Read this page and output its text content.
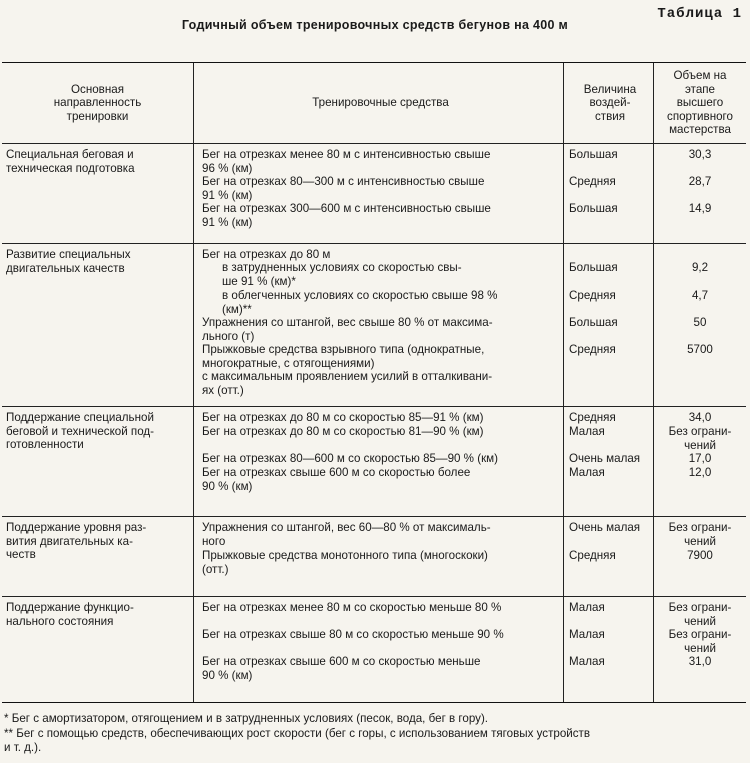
Таблица 1
Годичный объем тренировочных средств бегунов на 400 м
Основная
направленность
тренировки
Тренировочные средства
Величина
воздей-
ствия
Объем на
этапе
высшего
спортивного
мастерства
Специальная беговая и
техническая подготовка
Бег на отрезках менее 80 м с интенсивностью свыше
96 % (км)
Бег на отрезках 80—300 м с интенсивностью свыше
91 % (км)
Бег на отрезках 300—600 м с интенсивностью свыше
91 % (км)
Большая
Средняя
Большая
30,3
28,7
14,9
Развитие специальных
двигательных качеств
Бег на отрезках до 80 м
в затрудненных условиях со скоростью свы-
ше 91 % (км)*
в облегченных условиях со скоростью свыше 98 %
(км)**
Упражнения со штангой, вес свыше 80 % от максима-
льного (т)
Прыжковые средства взрывного типа (однократные,
многократные, с отягощениями)
с максимальным проявлением усилий в отталкивани-
ях (отт.)
Большая
Средняя
Большая
Средняя
9,2
4,7
50
5700
Поддержание специальной
беговой и технической под-
готовленности
Бег на отрезках до 80 м со скоростью 85—91 % (км)
Бег на отрезках до 80 м со скоростью 81—90 % (км)
Бег на отрезках 80—600 м со скоростью 85—90 % (км)
Бег на отрезках свыше 600 м со скоростью более
90 % (км)
Средняя
Малая
Очень малая
Малая
34,0
Без ограни-
чений
17,0
12,0
Поддержание уровня раз-
вития двигательных ка-
честв
Упражнения со штангой, вес 60—80 % от максималь-
ного
Прыжковые средства монотонного типа (многоскоки)
(отт.)
Очень малая
Средняя
Без ограни-
чений
7900
Поддержание функцио-
нального состояния
Бег на отрезках менее 80 м со скоростью меньше 80 %
Бег на отрезках свыше 80 м со скоростью меньше 90 %
Бег на отрезках свыше 600 м со скоростью меньше
90 % (км)
Малая
Малая
Малая
Без ограни-
чений
Без ограни-
чений
31,0
* Бег с амортизатором, отягощением и в затрудненных условиях (песок, вода, бег в гору).
** Бег с помощью средств, обеспечивающих рост скорости (бег с горы, с использованием тяговых устройств
и т. д.).
